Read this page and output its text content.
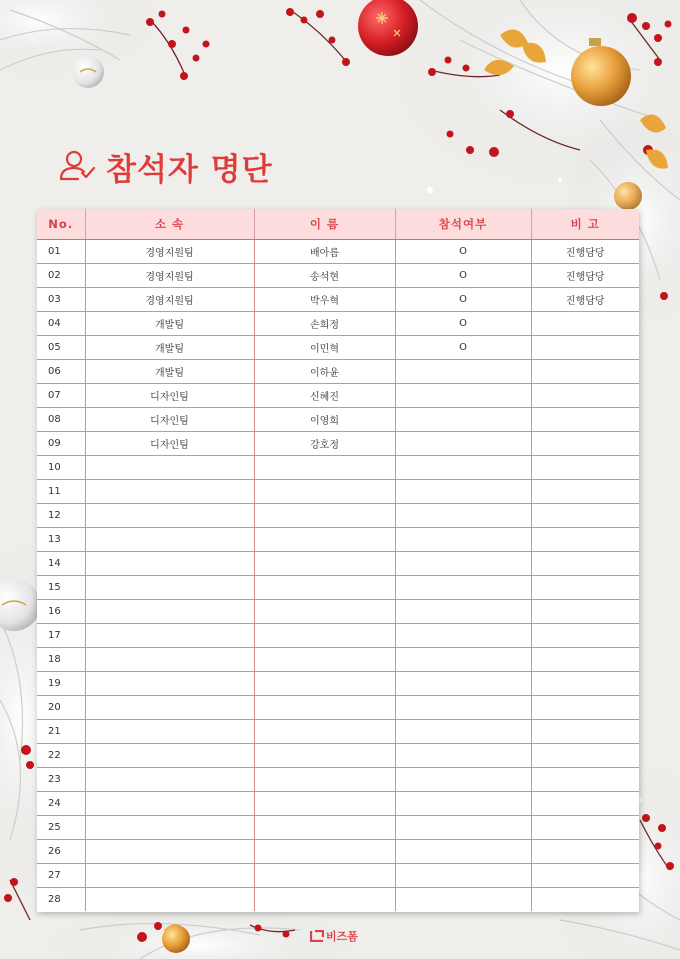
참석자 명단
No.	소 속	이 름	참석여부	비 고
01	경영지원팀	배아름	O	진행담당
02	경영지원팀	송석현	O	진행담당
03	경영지원팀	박우혁	O	진행담당
04	개발팀	손희정	O	
05	개발팀	이민혁	O	
06	개발팀	이하윤		
07	디자인팀	신혜진		
08	디자인팀	이영희		
09	디자인팀	강호정		
10				
11				
12				
13				
14				
15				
16				
17				
18				
19				
20				
21				
22				
23				
24				
25				
26				
27				
28				
비즈폼
